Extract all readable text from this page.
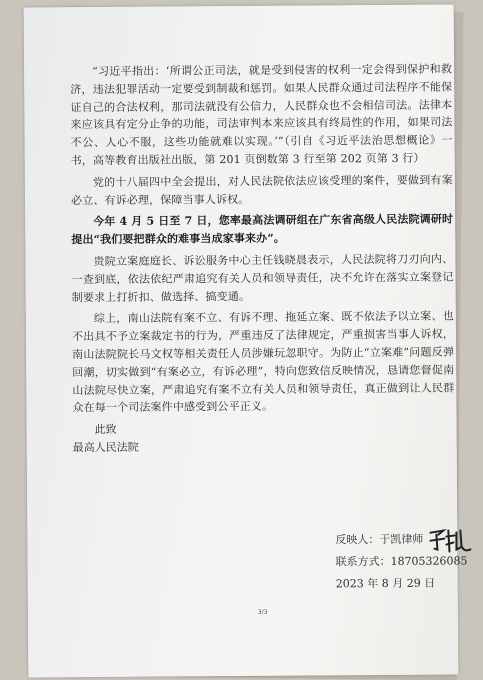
“习近平指出：‘所谓公正司法，就是受到侵害的权利一定会得到保护和救济，违法犯罪活动一定要受到制裁和惩罚。如果人民群众通过司法程序不能保证自己的合法权利，那司法就没有公信力，人民群众也不会相信司法。法律本来应该具有定分止争的功能，司法审判本来应该具有终局性的作用，如果司法不公、人心不服，这些功能就难以实现。’”（引自《习近平法治思想概论》一书，高等教育出版社出版，第 201 页倒数第 3 行至第 202 页第 3 行）

党的十八届四中全会提出，对人民法院依法应该受理的案件，要做到有案必立、有诉必理，保障当事人诉权。

今年 4 月 5 日至 7 日，您率最高法调研组在广东省高级人民法院调研时提出“我们要把群众的难事当成家事来办”。

贵院立案庭庭长、诉讼服务中心主任钱晓晨表示，人民法院将刀刃向内、一查到底，依法依纪严肃追究有关人员和领导责任，决不允许在落实立案登记制要求上打折扣、做选择、搞变通。

综上，南山法院有案不立、有诉不理、拖延立案、既不依法予以立案、也不出具不予立案裁定书的行为，严重违反了法律规定，严重损害当事人诉权，南山法院院长马文权等相关责任人员涉嫌玩忽职守。为防止“立案难”问题反弹回潮，切实做到“有案必立，有诉必理”，特向您致信反映情况，恳请您督促南山法院尽快立案，严肃追究有案不立有关人员和领导责任，真正做到让人民群众在每一个司法案件中感受到公平正义。

此致

最高人民法院

反映人：于凯律师
联系方式：18705326085
2023 年 8 月 29 日
3/3
